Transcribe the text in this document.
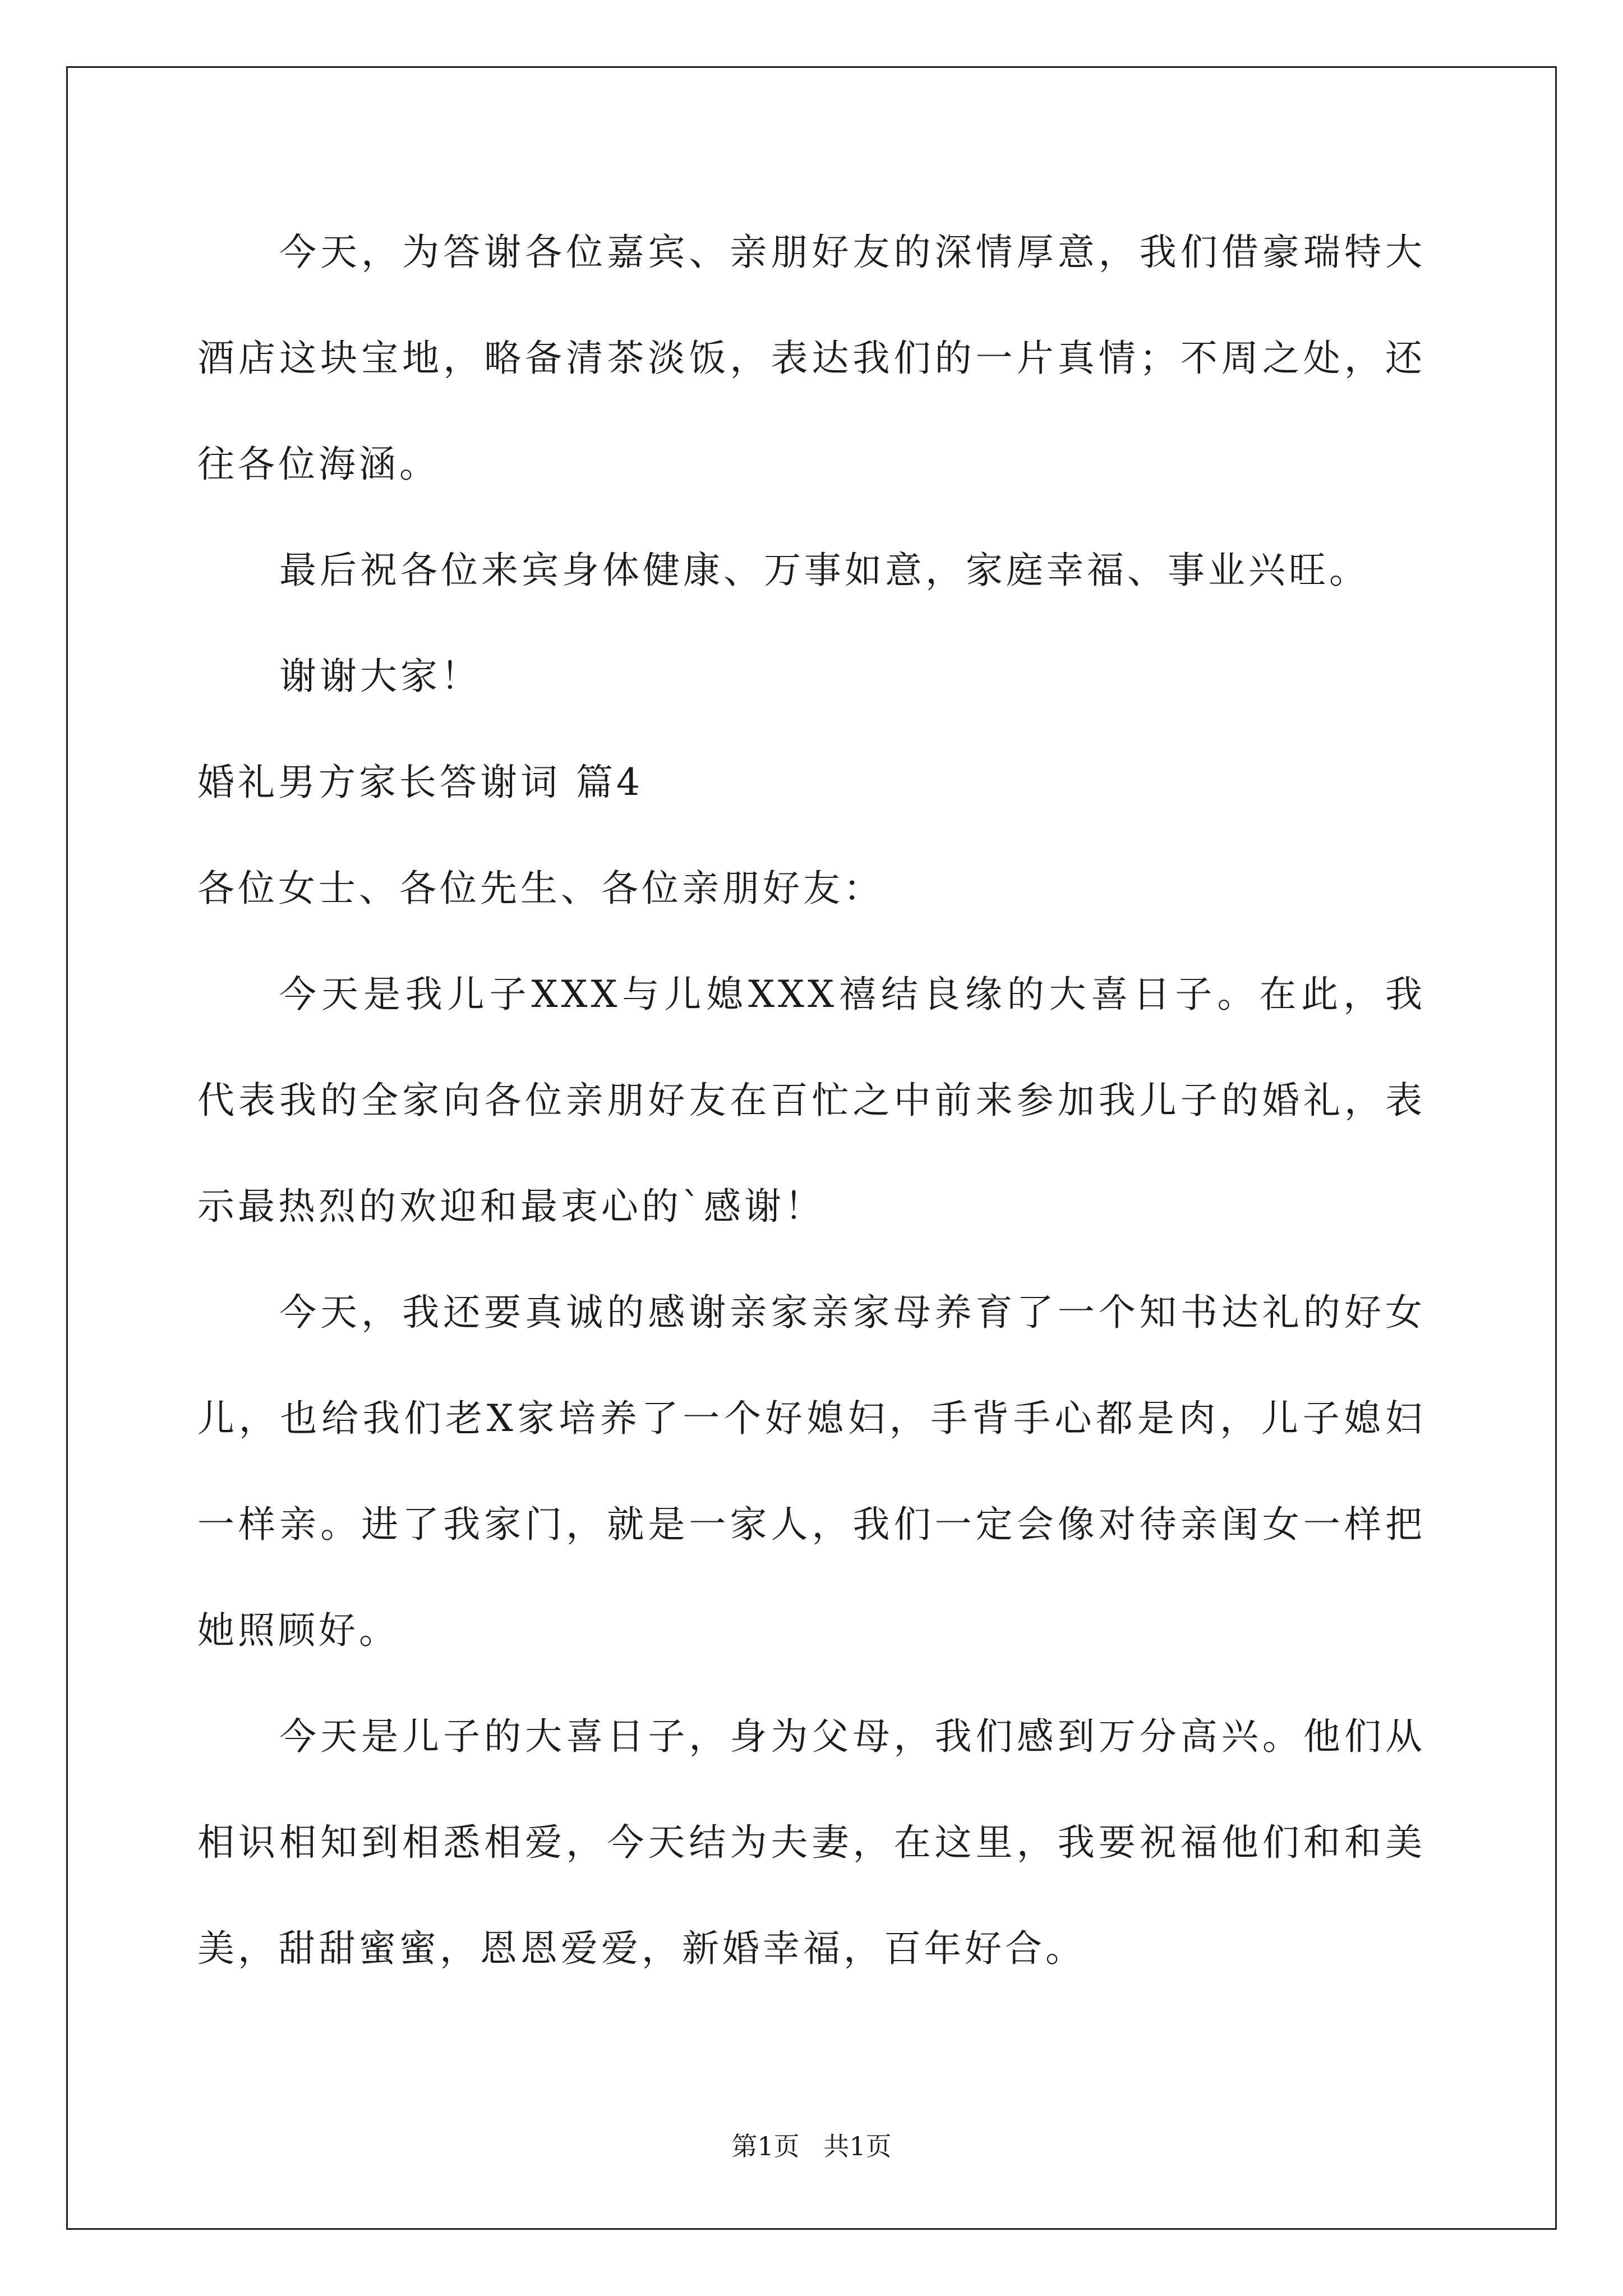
今天，为答谢各位嘉宾、亲朋好友的深情厚意，我们借豪瑞特大酒店这块宝地，略备清茶淡饭，表达我们的一片真情；不周之处，还往各位海涵。

最后祝各位来宾身体健康、万事如意，家庭幸福、事业兴旺。

谢谢大家！

婚礼男方家长答谢词 篇4

各位女士、各位先生、各位亲朋好友：

今天是我儿子XXX与儿媳XXX禧结良缘的大喜日子。在此，我代表我的全家向各位亲朋好友在百忙之中前来参加我儿子的婚礼，表示最热烈的欢迎和最衷心的`感谢！

今天，我还要真诚的感谢亲家亲家母养育了一个知书达礼的好女儿，也给我们老X家培养了一个好媳妇，手背手心都是肉，儿子媳妇一样亲。进了我家门，就是一家人，我们一定会像对待亲闺女一样把她照顾好。

今天是儿子的大喜日子，身为父母，我们感到万分高兴。他们从相识相知到相悉相爱，今天结为夫妻，在这里，我要祝福他们和和美美，甜甜蜜蜜，恩恩爱爱，新婚幸福，百年好合。

第1页 共1页
